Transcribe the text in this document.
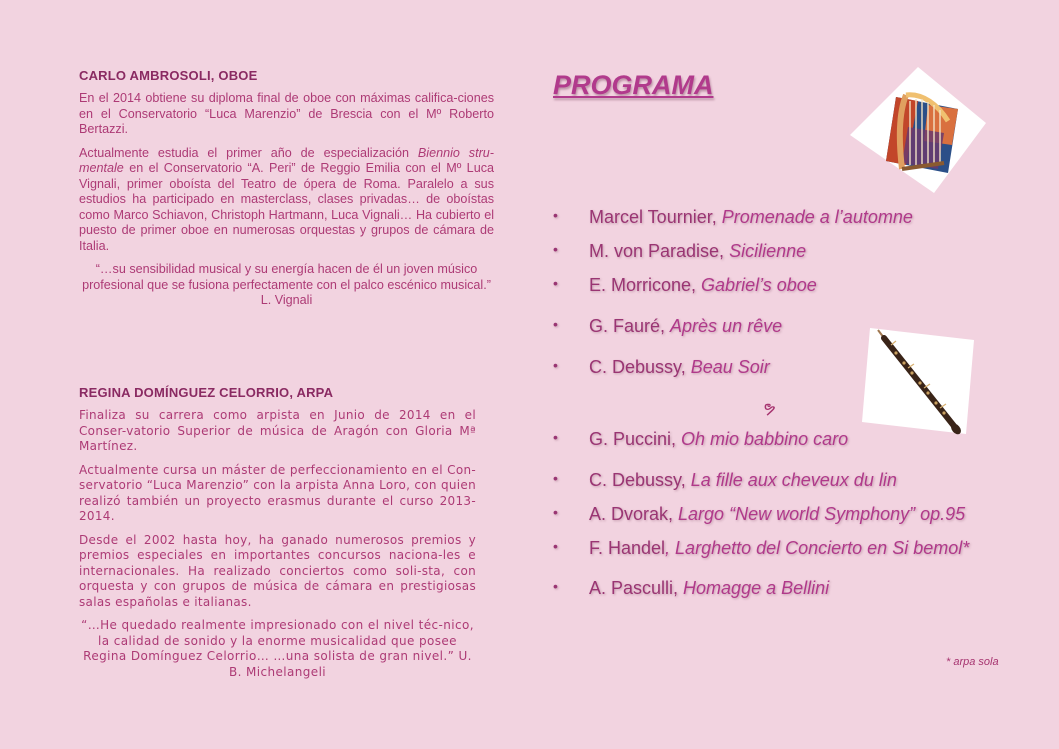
CARLO AMBROSOLI, OBOE

En el 2014 obtiene su diploma final de oboe con máximas califica-ciones en el Conservatorio “Luca Marenzio” de Brescia con el Mº Roberto Bertazzi.

Actualmente estudia el primer año de especialización Biennio stru-mentale en el Conservatorio “A. Peri” de Reggio Emilia con el Mº Luca Vignali, primer oboísta del Teatro de ópera de Roma. Paralelo a sus estudios ha participado en masterclass, clases privadas… de oboístas como Marco Schiavon, Christoph Hartmann, Luca Vignali… Ha cubierto el puesto de primer oboe en numerosas orquestas y grupos de cámara de Italia.

“…su sensibilidad musical y su energía hacen de él un joven músico profesional que se fusiona perfectamente con el palco escénico musical.” L. Vignali

REGINA DOMÍNGUEZ CELORRIO, ARPA

Finaliza su carrera como arpista en Junio de 2014 en el Conser-vatorio Superior de música de Aragón con Gloria Mª Martínez.

Actualmente cursa un máster de perfeccionamiento en el Con-servatorio “Luca Marenzio” con la arpista Anna Loro, con quien realizó también un proyecto erasmus durante el curso 2013-2014.

Desde el 2002 hasta hoy, ha ganado numerosos premios y premios especiales en importantes concursos naciona-les e internacionales. Ha realizado conciertos como soli-sta, con orquesta y con grupos de música de cámara en prestigiosas salas españolas e italianas.

“…He quedado realmente impresionado con el nivel téc-nico, la calidad de sonido y la enorme musicalidad que posee Regina Domínguez Celorrio… …una solista de gran nivel.” U. B. Michelangeli

PROGRAMA
• Marcel Tournier, Promenade a l’automne
• M. von Paradise, Sicilienne
• E. Morricone, Gabriel’s oboe
• G. Fauré, Après un rêve
• C. Debussy, Beau Soir
• G. Puccini, Oh mio babbino caro
• C. Debussy, La fille aux cheveux du lin
• A. Dvorak, Largo “New world Symphony” op.95
• F. Handel, Larghetto del Concierto en Si bemol*
• A. Pasculli, Homagge a Bellini
ຯ
* arpa sola
